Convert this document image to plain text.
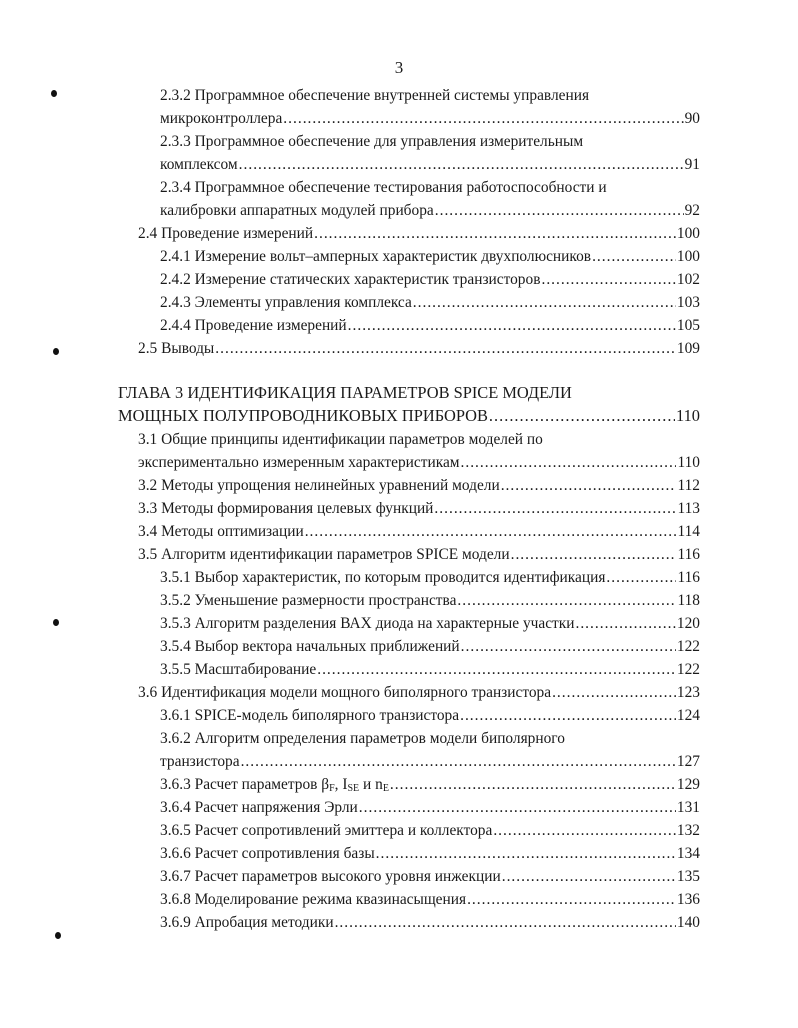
3
2.3.2 Программное обеспечение внутренней системы управления
микроконтроллера .....	90
2.3.3 Программное обеспечение для управления измерительным
комплексом .....	91
2.3.4 Программное обеспечение тестирования работоспособности и
калибровки аппаратных модулей прибора .....	92
2.4 Проведение измерений .....	100
2.4.1 Измерение вольт–амперных характеристик двухполюсников .....	100
2.4.2 Измерение статических характеристик транзисторов .....	102
2.4.3 Элементы управления комплекса .....	103
2.4.4 Проведение измерений .....	105
2.5 Выводы .....	109
ГЛАВА 3 ИДЕНТИФИКАЦИЯ ПАРАМЕТРОВ SPICE МОДЕЛИ
МОЩНЫХ ПОЛУПРОВОДНИКОВЫХ ПРИБОРОВ .....	110
3.1 Общие принципы идентификации параметров моделей по
экспериментально измеренным характеристикам .....	110
3.2 Методы упрощения нелинейных уравнений модели .....	112
3.3 Методы формирования целевых функций .....	113
3.4 Методы оптимизации .....	114
3.5 Алгоритм идентификации параметров SPICE модели .....	116
3.5.1 Выбор характеристик, по которым проводится идентификация .....	116
3.5.2 Уменьшение размерности пространства .....	118
3.5.3 Алгоритм разделения ВАХ диода на характерные участки .....	120
3.5.4 Выбор вектора начальных приближений .....	122
3.5.5 Масштабирование .....	122
3.6 Идентификация модели мощного биполярного транзистора .....	123
3.6.1 SPICE-модель биполярного транзистора .....	124
3.6.2 Алгоритм определения параметров модели биполярного
транзистора .....	127
3.6.3 Расчет параметров $\beta_F$, $I_{SE}$ и $n_E$ .....	129
3.6.4 Расчет напряжения Эрли .....	131
3.6.5 Расчет сопротивлений эмиттера и коллектора .....	132
3.6.6 Расчет сопротивления базы .....	134
3.6.7 Расчет параметров высокого уровня инжекции .....	135
3.6.8 Моделирование режима квазинасыщения .....	136
3.6.9 Апробация методики .....	140
